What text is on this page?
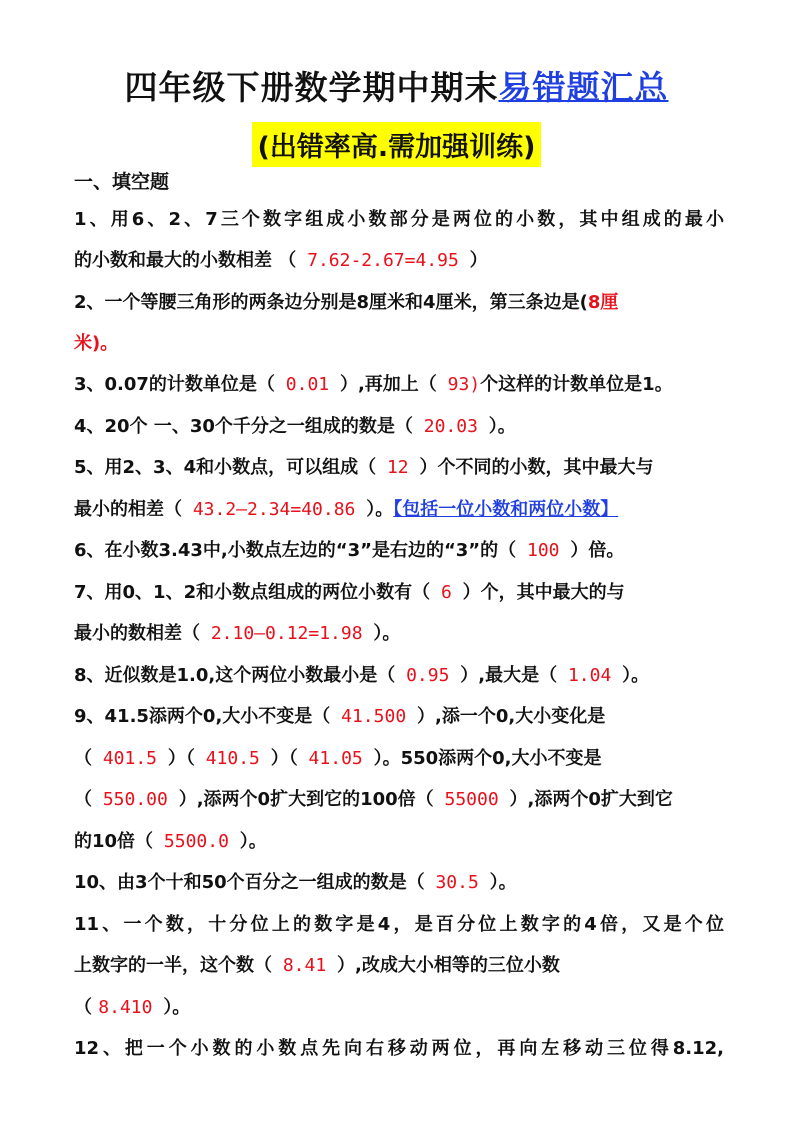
四年级下册数学期中期末易错题汇总
(出错率高.需加强训练)
一、填空题
1、用6、2、7三个数字组成小数部分是两位的小数，其中组成的最小
的小数和最大的小数相差 （ 7.62-2.67=4.95 ）
2、一个等腰三角形的两条边分别是8厘米和4厘米，第三条边是(8厘
米)。
3、0.07的计数单位是（ 0.01 ）,再加上（ 93)个这样的计数单位是1。
4、20个 一、30个千分之一组成的数是（ 20.03 ）。
5、用2、3、4和小数点，可以组成（ 12 ）个不同的小数，其中最大与
最小的相差（ 43.2—2.34=40.86 ）。【包括一位小数和两位小数】
6、在小数3.43中,小数点左边的“3”是右边的“3”的（ 100 ）倍。
7、用0、1、2和小数点组成的两位小数有（ 6 ）个，其中最大的与
最小的数相差（ 2.10—0.12=1.98 ）。
8、近似数是1.0,这个两位小数最小是（ 0.95 ）,最大是（ 1.04 ）。
9、41.5添两个0,大小不变是（ 41.500 ）,添一个0,大小变化是
（ 401.5 ）（ 410.5 ）（ 41.05 ）。550添两个0,大小不变是
（ 550.00 ）,添两个0扩大到它的100倍（ 55000 ）,添两个0扩大到它
的10倍（ 5500.0 ）。
10、由3个十和50个百分之一组成的数是（ 30.5 ）。
11、一个数，十分位上的数字是4，是百分位上数字的4倍，又是个位
上数字的一半，这个数（ 8.41 ）,改成大小相等的三位小数
（ 8.410 ）。
12、把一个小数的小数点先向右移动两位，再向左移动三位得8.12,
